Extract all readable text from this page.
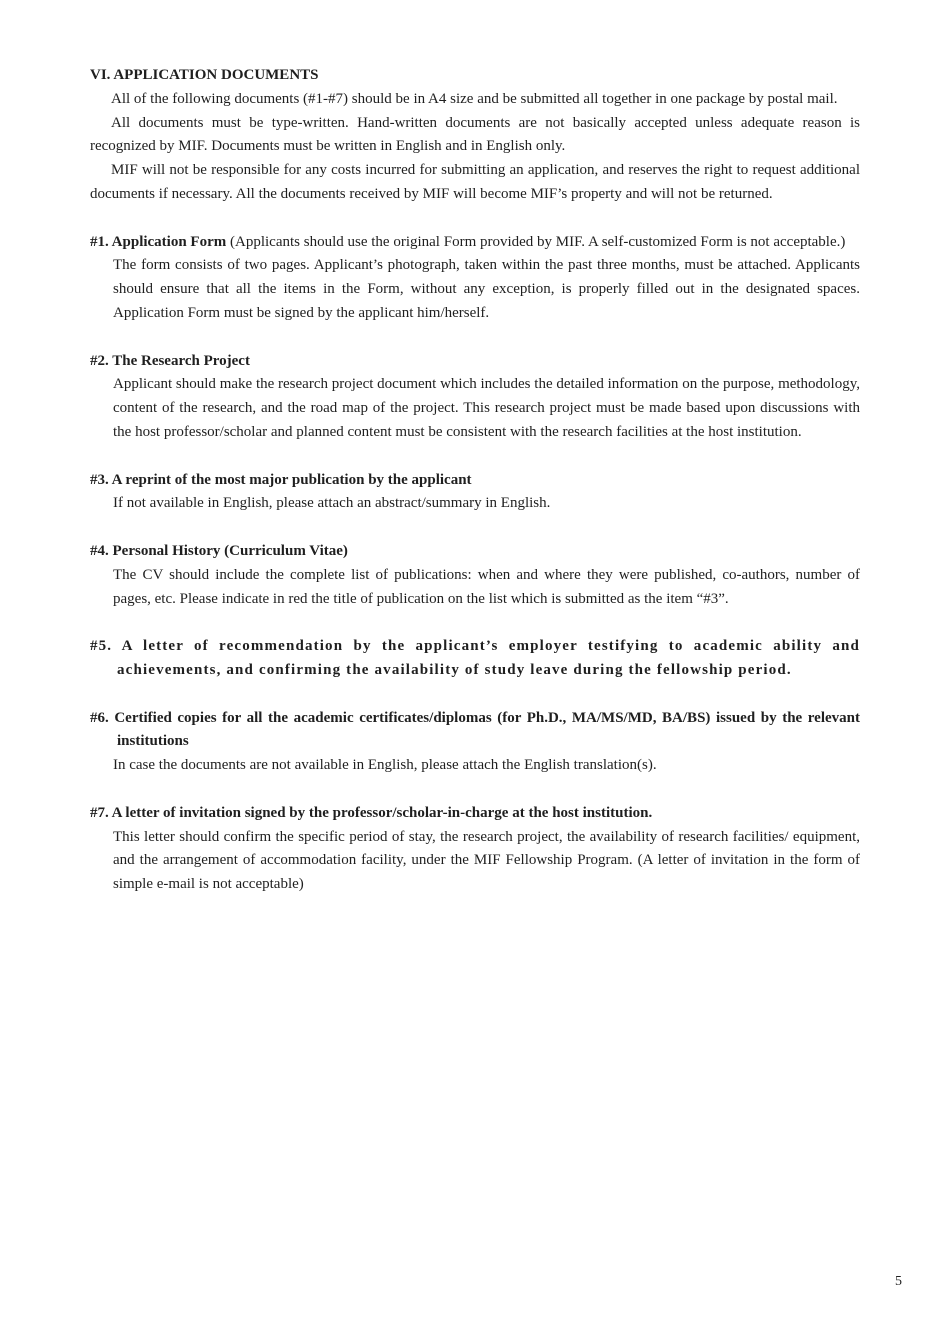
VI. APPLICATION DOCUMENTS

All of the following documents (#1-#7) should be in A4 size and be submitted all together in one package by postal mail.

All documents must be type-written. Hand-written documents are not basically accepted unless adequate reason is recognized by MIF. Documents must be written in English and in English only.

MIF will not be responsible for any costs incurred for submitting an application, and reserves the right to request additional documents if necessary. All the documents received by MIF will become MIF’s property and will not be returned.

#1. Application Form (Applicants should use the original Form provided by MIF. A self-customized Form is not acceptable.)

The form consists of two pages. Applicant’s photograph, taken within the past three months, must be attached. Applicants should ensure that all the items in the Form, without any exception, is properly filled out in the designated spaces. Application Form must be signed by the applicant him/herself.

#2. The Research Project

Applicant should make the research project document which includes the detailed information on the purpose, methodology, content of the research, and the road map of the project. This research project must be made based upon discussions with the host professor/scholar and planned content must be consistent with the research facilities at the host institution.

#3. A reprint of the most major publication by the applicant

If not available in English, please attach an abstract/summary in English.

#4. Personal History (Curriculum Vitae)

The CV should include the complete list of publications: when and where they were published, co-authors, number of pages, etc. Please indicate in red the title of publication on the list which is submitted as the item “#3”.

#5. A letter of recommendation by the applicant’s employer testifying to academic ability and achievements, and confirming the availability of study leave during the fellowship period.

#6. Certified copies for all the academic certificates/diplomas (for Ph.D., MA/MS/MD, BA/BS) issued by the relevant institutions

In case the documents are not available in English, please attach the English translation(s).

#7. A letter of invitation signed by the professor/scholar-in-charge at the host institution.

This letter should confirm the specific period of stay, the research project, the availability of research facilities/ equipment, and the arrangement of accommodation facility, under the MIF Fellowship Program. (A letter of invitation in the form of simple e-mail is not acceptable)

5
